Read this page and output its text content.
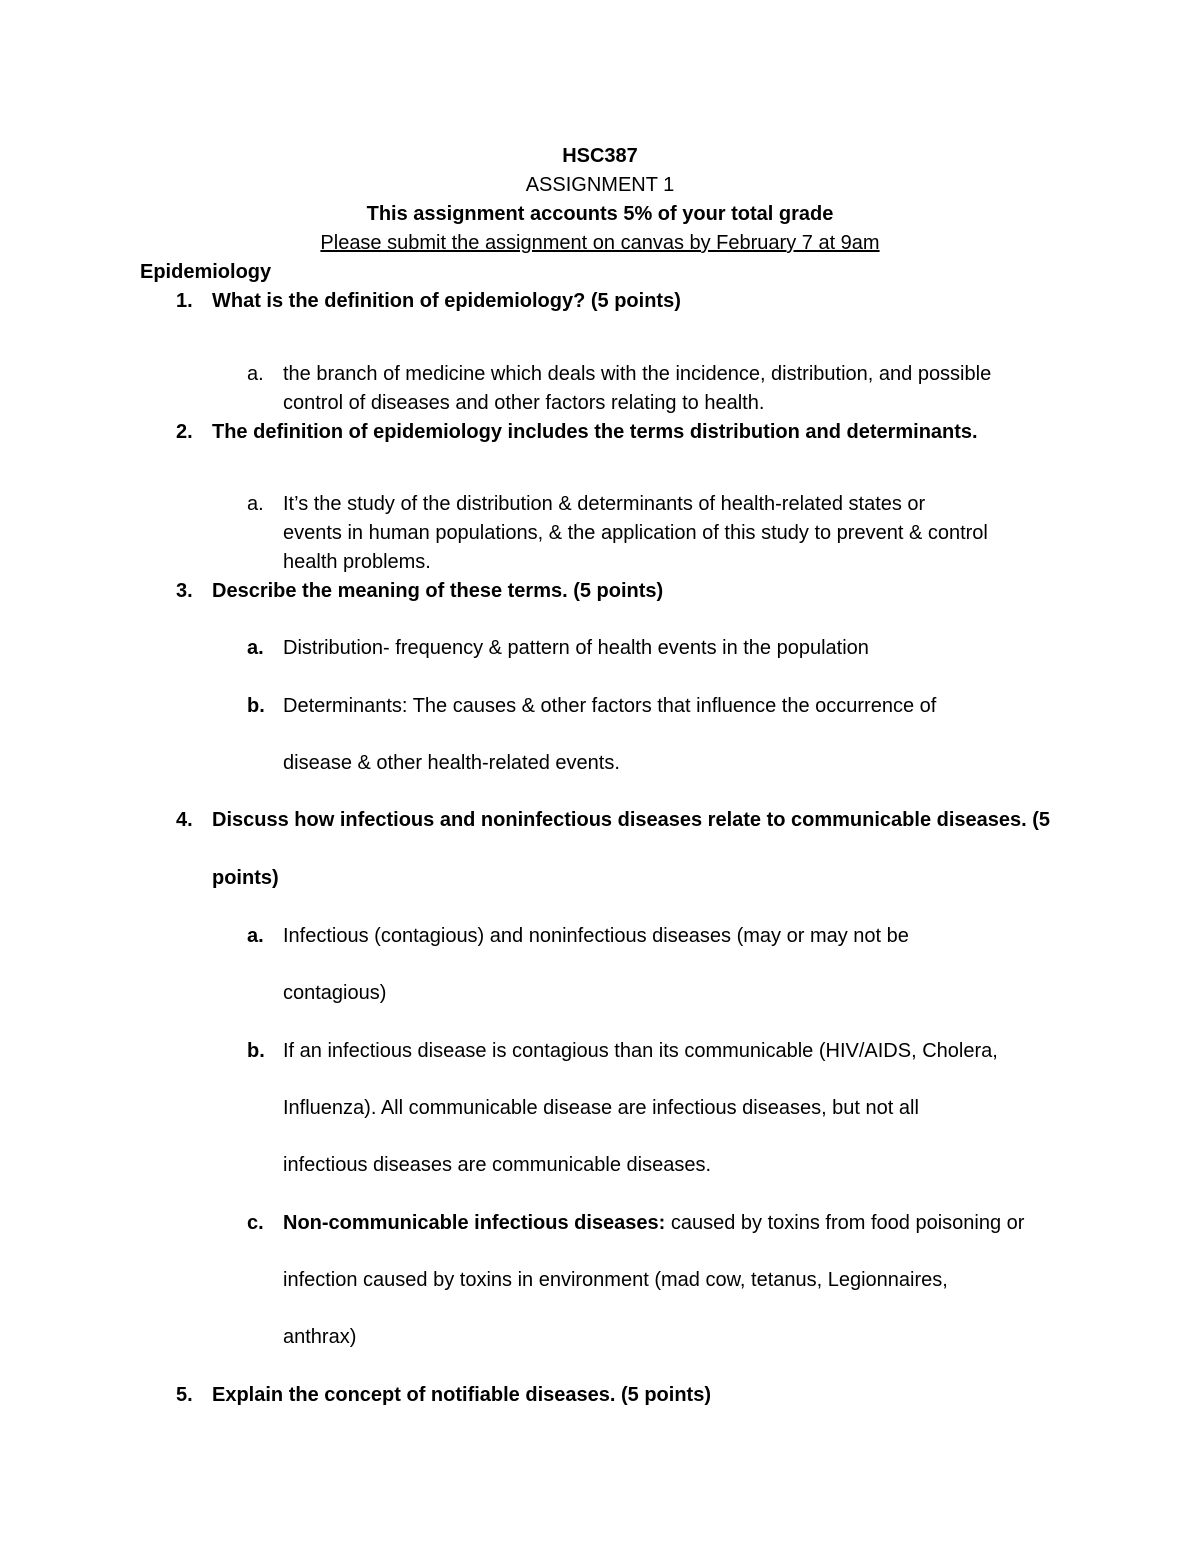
HSC387
ASSIGNMENT 1
This assignment accounts 5% of your total grade
Please submit the assignment on canvas by February 7 at 9am
Epidemiology
1. What is the definition of epidemiology? (5 points)
a. the branch of medicine which deals with the incidence, distribution, and possible
control of diseases and other factors relating to health.
2. The definition of epidemiology includes the terms distribution and determinants.
a. It’s the study of the distribution & determinants of health-related states or
events in human populations, & the application of this study to prevent & control
health problems.
3. Describe the meaning of these terms. (5 points)
a. Distribution- frequency & pattern of health events in the population
b. Determinants: The causes & other factors that influence the occurrence of
disease & other health-related events.
4. Discuss how infectious and noninfectious diseases relate to communicable diseases. (5
points)
a. Infectious (contagious) and noninfectious diseases (may or may not be
contagious)
b. If an infectious disease is contagious than its communicable (HIV/AIDS, Cholera,
Influenza). All communicable disease are infectious diseases, but not all
infectious diseases are communicable diseases.
c. Non-communicable infectious diseases: caused by toxins from food poisoning or
infection caused by toxins in environment (mad cow, tetanus, Legionnaires,
anthrax)
5. Explain the concept of notifiable diseases. (5 points)
